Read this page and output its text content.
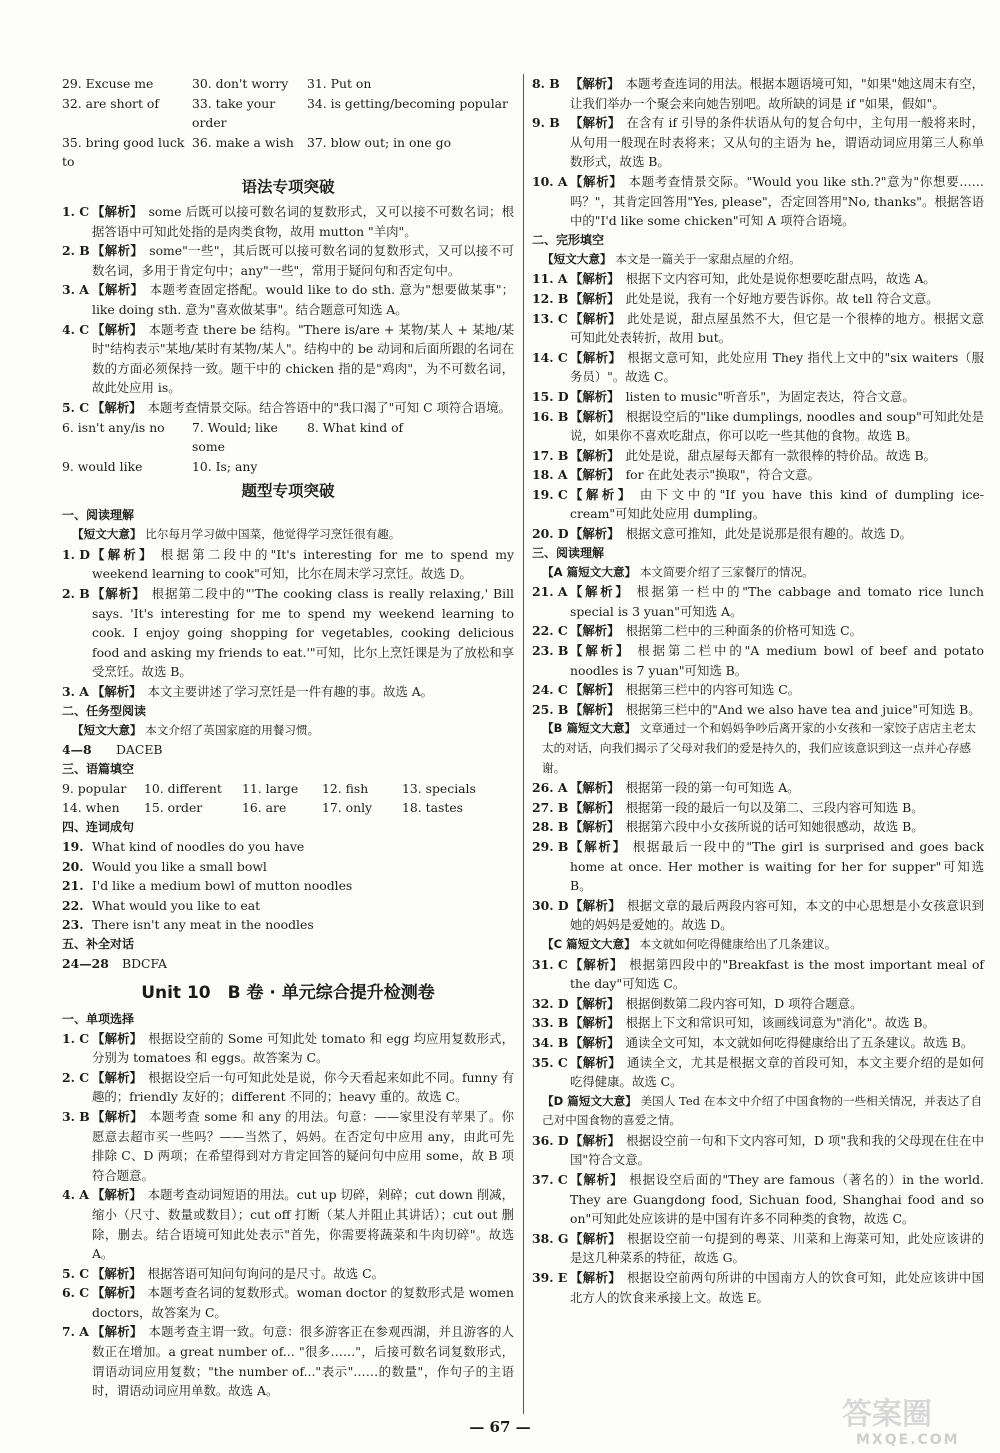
29. Excuse me	30. don't worry	31. Put on
32. are short of	33. take your order
34. is getting/becoming popular
35. bring good luck to
36. make a wish	37. blow out; in one go
语法专项突破
1. C 【解析】 some 后既可以接可数名词的复数形式，又可以接不可数名词；根据答语中可知此处指的是肉类食物，故用 mutton "羊肉"。
2. B 【解析】 some"一些"，其后既可以接可数名词的复数形式，又可以接不可数名词，多用于肯定句中；any"一些"，常用于疑问句和否定句中。
3. A 【解析】 本题考查固定搭配。would like to do sth. 意为"想要做某事"；like doing sth. 意为"喜欢做某事"。结合题意可知选 A。
4. C 【解析】 本题考查 there be 结构。"There is/are + 某物/某人 + 某地/某时"结构表示"某地/某时有某物/某人"。结构中的 be 动词和后面所跟的名词在数的方面必须保持一致。题干中的 chicken 指的是"鸡肉"，为不可数名词，故此处应用 is。
5. C 【解析】 本题考查情景交际。结合答语中的"我口渴了"可知 C 项符合语境。
6. isn't any/is no	7. Would; like some
8. What kind of
9. would like	10. Is; any
题型专项突破
一、阅读理解
【短文大意】 比尔每月学习做中国菜，他觉得学习烹饪很有趣。
1. D 【解析】 根据第二段中的"It's interesting for me to spend my weekend learning to cook"可知，比尔在周末学习烹饪。故选 D。
2. B 【解析】 根据第二段中的"'The cooking class is really relaxing,' Bill says. 'It's interesting for me to spend my weekend learning to cook. I enjoy going shopping for vegetables, cooking delicious food and asking my friends to eat.'"可知，比尔上烹饪课是为了放松和享受烹饪。故选 B。
3. A 【解析】 本文主要讲述了学习烹饪是一件有趣的事。故选 A。
二、任务型阅读
【短文大意】 本文介绍了英国家庭的用餐习惯。
4—8	DACEB
三、语篇填空
9. popular	10. different	11. large	12. fish	13. specials
14. when	15. order	16. are	17. only	18. tastes
四、连词成句
19. What kind of noodles do you have
20. Would you like a small bowl
21. I'd like a medium bowl of mutton noodles
22. What would you like to eat
23. There isn't any meat in the noodles
五、补全对话
24—28	BDCFA
Unit 10　B 卷 · 单元综合提升检测卷
一、单项选择
1. C 【解析】 根据设空前的 Some 可知此处 tomato 和 egg 均应用复数形式，分别为 tomatoes 和 eggs。故答案为 C。
2. C 【解析】 根据设空后一句可知此处是说，你今天看起来如此不同。funny 有趣的；friendly 友好的；different 不同的；heavy 重的。故选 C。
3. B 【解析】 本题考查 some 和 any 的用法。句意：——家里没有苹果了。你愿意去超市买一些吗？——当然了，妈妈。在否定句中应用 any，由此可先排除 C、D 两项；在希望得到对方肯定回答的疑问句中应用 some，故 B 项符合题意。
4. A 【解析】 本题考查动词短语的用法。cut up 切碎，剁碎；cut down 削减，缩小（尺寸、数量或数目）；cut off 打断（某人并阻止其讲话）；cut out 删除，删去。结合语境可知此处表示"首先，你需要将蔬菜和牛肉切碎"。故选 A。
5. C 【解析】 根据答语可知问句询问的是尺寸。故选 C。
6. C 【解析】 本题考查名词的复数形式。woman doctor 的复数形式是 women doctors，故答案为 C。
7. A 【解析】 本题考查主谓一致。句意：很多游客正在参观西湖，并且游客的人数正在增加。a great number of... "很多……"，后接可数名词复数形式，谓语动词应用复数；"the number of..."表示"……的数量"，作句子的主语时，谓语动词应用单数。故选 A。
8. B 【解析】 本题考查连词的用法。根据本题语境可知，"如果"她这周末有空，让我们举办一个聚会来向她告别吧。故所缺的词是 if "如果，假如"。
9. B 【解析】 在含有 if 引导的条件状语从句的复合句中，主句用一般将来时，从句用一般现在时表将来；又从句的主语为 he，谓语动词应用第三人称单数形式，故选 B。
10. A 【解析】 本题考查情景交际。"Would you like sth.?"意为"你想要……吗？"，其肯定回答用"Yes, please"，否定回答用"No, thanks"。根据答语中的"I'd like some chicken"可知 A 项符合语境。
二、完形填空
【短文大意】 本文是一篇关于一家甜点屋的介绍。
11. A 【解析】 根据下文内容可知，此处是说你想要吃甜点吗，故选 A。
12. B 【解析】 此处是说，我有一个好地方要告诉你。故 tell 符合文意。
13. C 【解析】 此处是说，甜点屋虽然不大，但它是一个很棒的地方。根据文意可知此处表转折，故用 but。
14. C 【解析】 根据文意可知，此处应用 They 指代上文中的"six waiters（服务员）"。故选 C。
15. D 【解析】 listen to music"听音乐"，为固定表达，符合文意。
16. B 【解析】 根据设空后的"like dumplings, noodles and soup"可知此处是说，如果你不喜欢吃甜点，你可以吃一些其他的食物。故选 B。
17. B 【解析】 此处是说，甜点屋每天都有一款很棒的特价品。故选 B。
18. A 【解析】 for 在此处表示"换取"，符合文意。
19. C 【解析】 由下文中的"If you have this kind of dumpling ice-cream"可知此处应用 dumpling。
20. D 【解析】 根据文意可推知，此处是说那是很有趣的。故选 D。
三、阅读理解
【A 篇短文大意】 本文简要介绍了三家餐厅的情况。
21. A 【解析】 根据第一栏中的"The cabbage and tomato rice lunch special is 3 yuan"可知选 A。
22. C 【解析】 根据第二栏中的三种面条的价格可知选 C。
23. B 【解析】 根据第二栏中的"A medium bowl of beef and potato noodles is 7 yuan"可知选 B。
24. C 【解析】 根据第三栏中的内容可知选 C。
25. B 【解析】 根据第三栏中的"And we also have tea and juice"可知选 B。
【B 篇短文大意】 文章通过一个和妈妈争吵后离开家的小女孩和一家饺子店店主老太太的对话，向我们揭示了父母对我们的爱是持久的，我们应该意识到这一点并心存感谢。
26. A 【解析】 根据第一段的第一句可知选 A。
27. B 【解析】 根据第一段的最后一句以及第二、三段内容可知选 B。
28. B 【解析】 根据第六段中小女孩所说的话可知她很感动，故选 B。
29. B 【解析】 根据最后一段中的"The girl is surprised and goes back home at once. Her mother is waiting for her for supper"可知选 B。
30. D 【解析】 根据文章的最后两段内容可知，本文的中心思想是小女孩意识到她的妈妈是爱她的。故选 D。
【C 篇短文大意】 本文就如何吃得健康给出了几条建议。
31. C 【解析】 根据第四段中的"Breakfast is the most important meal of the day"可知选 C。
32. D 【解析】 根据倒数第二段内容可知，D 项符合题意。
33. B 【解析】 根据上下文和常识可知，该画线词意为"消化"。故选 B。
34. B 【解析】 通读全文可知，本文就如何吃得健康给出了五条建议。故选 B。
35. C 【解析】 通读全文，尤其是根据文章的首段可知，本文主要介绍的是如何吃得健康。故选 C。
【D 篇短文大意】 美国人 Ted 在本文中介绍了中国食物的一些相关情况，并表达了自己对中国食物的喜爱之情。
36. D 【解析】 根据设空前一句和下文内容可知，D 项"我和我的父母现在住在中国"符合文意。
37. C 【解析】 根据设空后面的"They are famous（著名的）in the world. They are Guangdong food, Sichuan food, Shanghai food and so on"可知此处应该讲的是中国有许多不同种类的食物，故选 C。
38. G 【解析】 根据设空前一句提到的粤菜、川菜和上海菜可知，此处应该讲的是这几种菜系的特征，故选 G。
39. E 【解析】 根据设空前两句所讲的中国南方人的饮食可知，此处应该讲中国北方人的饮食来承接上文。故选 E。
— 67 —	答案圈
MXQE.COM
